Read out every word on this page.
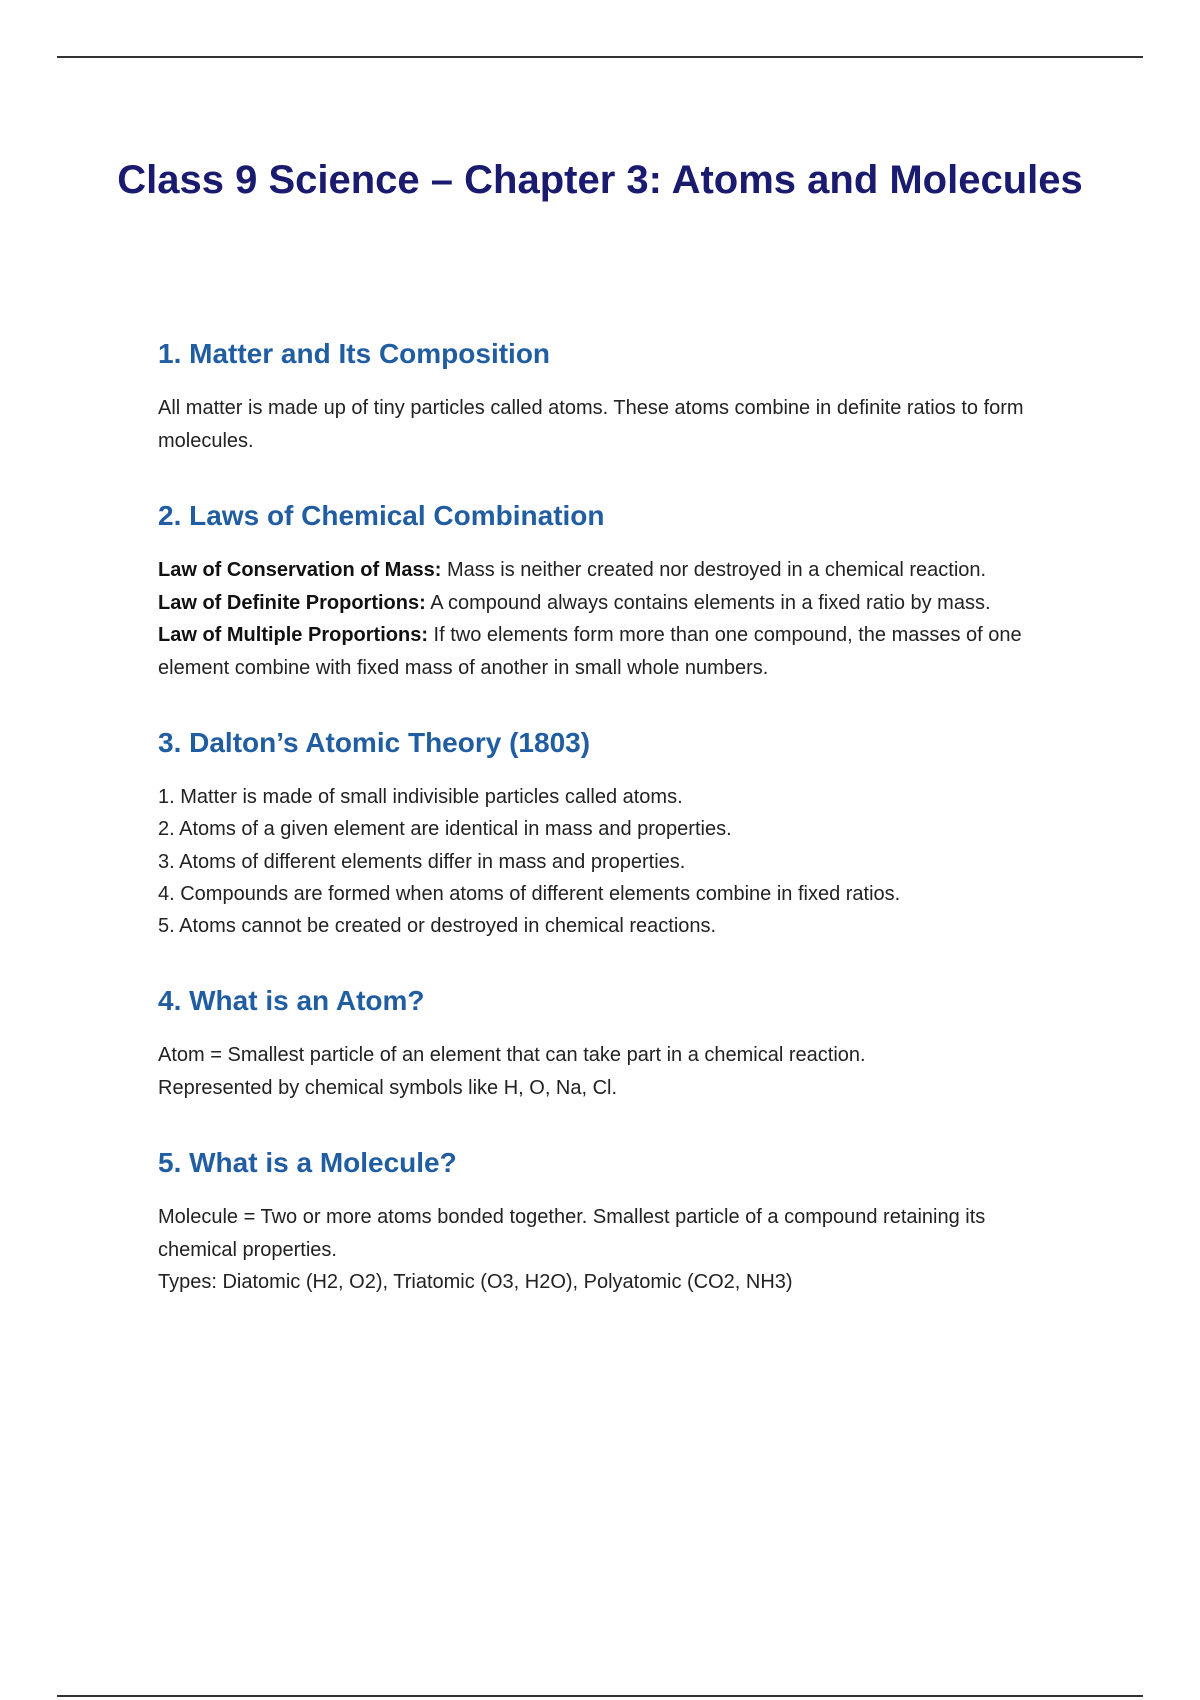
Class 9 Science – Chapter 3: Atoms and Molecules
1. Matter and Its Composition

All matter is made up of tiny particles called atoms. These atoms combine in definite ratios to form molecules.

2. Laws of Chemical Combination

Law of Conservation of Mass: Mass is neither created nor destroyed in a chemical reaction.

Law of Definite Proportions: A compound always contains elements in a fixed ratio by mass.

Law of Multiple Proportions: If two elements form more than one compound, the masses of one element combine with fixed mass of another in small whole numbers.

3. Dalton’s Atomic Theory (1803)
1. Matter is made of small indivisible particles called atoms.
2. Atoms of a given element are identical in mass and properties.
3. Atoms of different elements differ in mass and properties.
4. Compounds are formed when atoms of different elements combine in fixed ratios.
5. Atoms cannot be created or destroyed in chemical reactions.
4. What is an Atom?

Atom = Smallest particle of an element that can take part in a chemical reaction.

Represented by chemical symbols like H, O, Na, Cl.

5. What is a Molecule?

Molecule = Two or more atoms bonded together. Smallest particle of a compound retaining its chemical properties.

Types: Diatomic (H2, O2), Triatomic (O3, H2O), Polyatomic (CO2, NH3)
